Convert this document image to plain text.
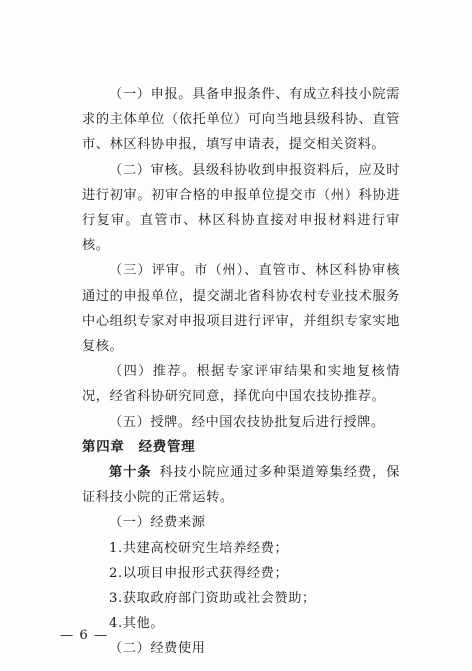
（一）申报。具备申报条件、有成立科技小院需求的主体单位（依托单位）可向当地县级科协、直管市、林区科协申报，填写申请表，提交相关资料。

（二）审核。县级科协收到申报资料后，应及时进行初审。初审合格的申报单位提交市（州）科协进行复审。直管市、林区科协直接对申报材料进行审核。

（三）评审。市（州）、直管市、林区科协审核通过的申报单位，提交湖北省科协农村专业技术服务中心组织专家对申报项目进行评审，并组织专家实地复核。

（四）推荐。根据专家评审结果和实地复核情况，经省科协研究同意，择优向中国农技协推荐。

（五）授牌。经中国农技协批复后进行授牌。

第四章 经费管理

第十条 科技小院应通过多种渠道筹集经费，保证科技小院的正常运转。

（一）经费来源

1.共建高校研究生培养经费；
2.以项目申报形式获得经费；
3.获取政府部门资助或社会赞助；
4.其他。

（二）经费使用

— 6 —
